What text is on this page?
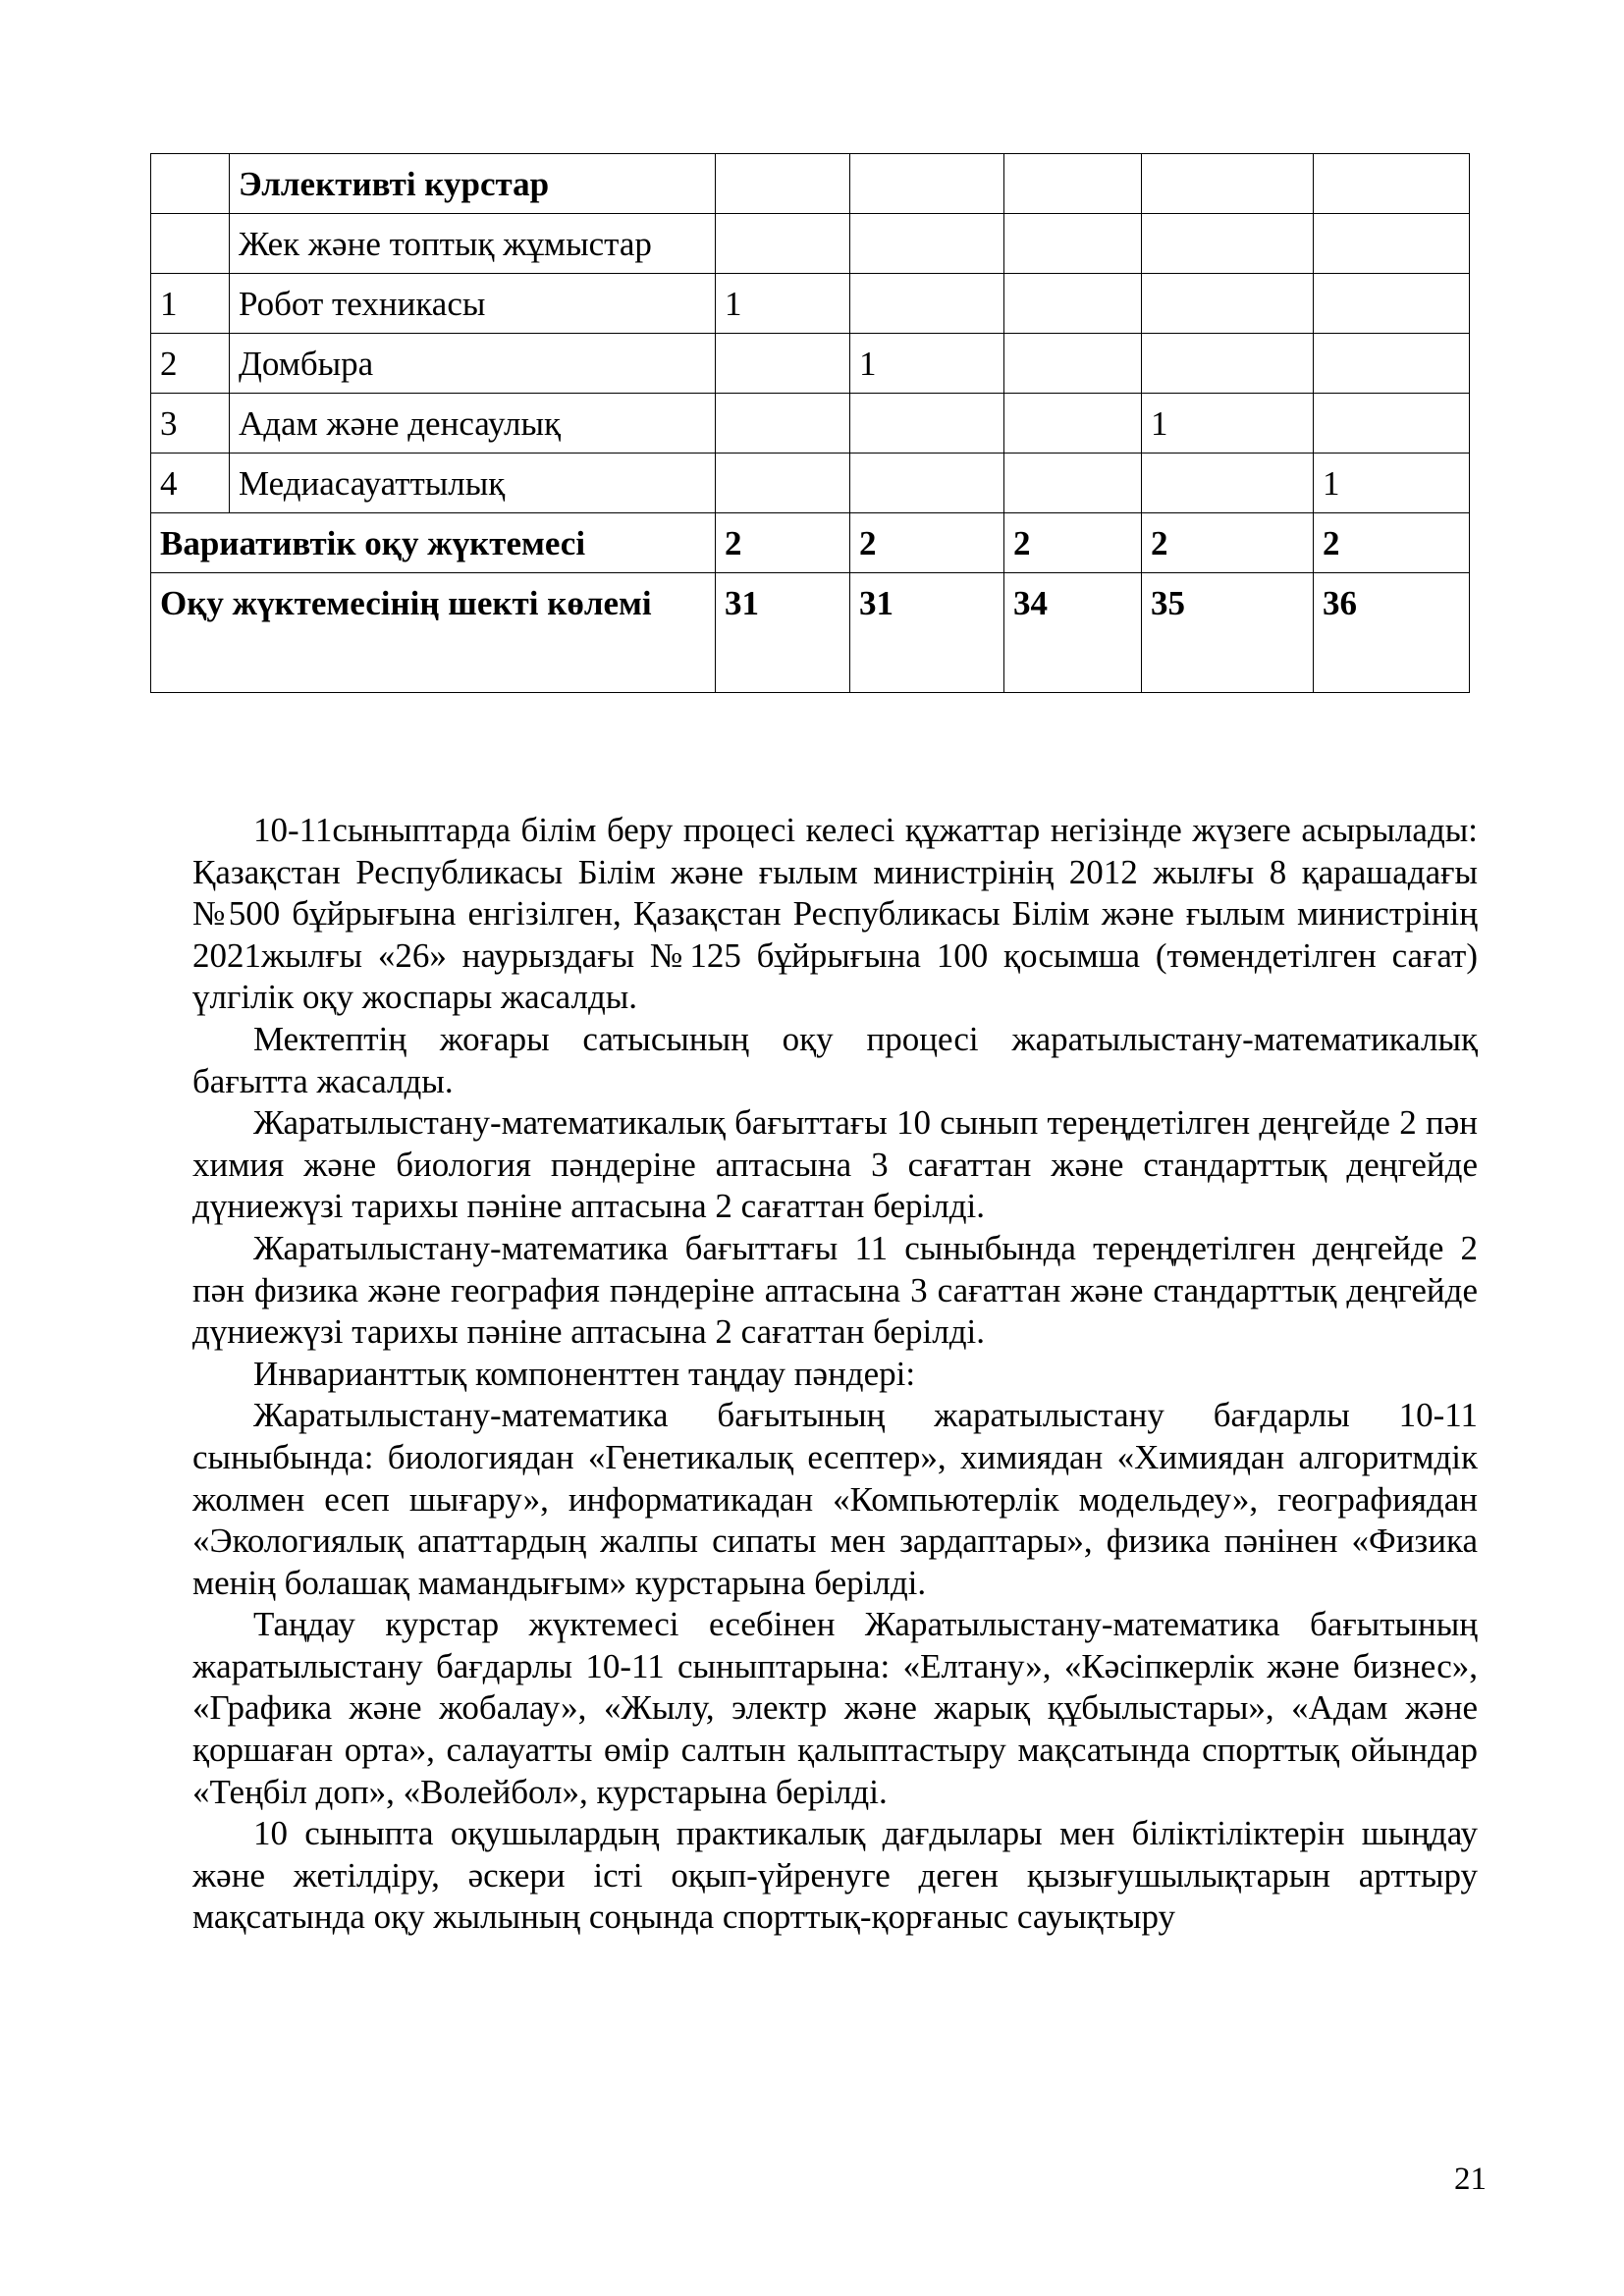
	Эллективті курстар					
	Жек және топтық жұмыстар					
1	Робот техникасы	1				
2	Домбыра		1			
3	Адам және денсаулық				1	
4	Медиасауаттылық					1
Вариативтік оқу жүктемесі		2	2	2	2	2
Оқу жүктемесінің шекті көлемі		31	31	34	35	36

10-11сыныптарда білім беру процесі келесі құжаттар негізінде жүзеге асырылады: Қазақстан Республикасы Білім және ғылым министрінің 2012 жылғы 8 қарашадағы №500 бұйрығына енгізілген, Қазақстан Республикасы Білім және ғылым министрінің 2021жылғы «26» наурыздағы №125 бұйрығына 100 қосымша (төмендетілген сағат) үлгілік оқу жоспары жасалды.

Мектептің жоғары сатысының оқу процесі жаратылыстану-математикалық бағытта жасалды.

Жаратылыстану-математикалық бағыттағы 10 сынып тереңдетілген деңгейде 2 пән химия және биология пәндеріне аптасына 3 сағаттан және стандарттық деңгейде дүниежүзі тарихы пәніне аптасына 2 сағаттан берілді.

Жаратылыстану-математика бағыттағы 11 сыныбында тереңдетілген деңгейде 2 пән физика және география пәндеріне аптасына 3 сағаттан және стандарттық деңгейде дүниежүзі тарихы пәніне аптасына 2 сағаттан берілді.

Инварианттық компоненттен таңдау пәндері:

Жаратылыстану-математика бағытының жаратылыстану бағдарлы 10-11 сыныбында: биологиядан «Генетикалық есептер», химиядан «Химиядан алгоритмдік жолмен есеп шығару», информатикадан «Компьютерлік модельдеу», географиядан «Экологиялық апаттардың жалпы сипаты мен зардаптары», физика пәнінен «Физика менің болашақ мамандығым» курстарына берілді.

Таңдау курстар жүктемесі есебінен Жаратылыстану-математика бағытының жаратылыстану бағдарлы 10-11 сыныптарына: «Елтану», «Кәсіпкерлік және бизнес», «Графика және жобалау», «Жылу, электр және жарық құбылыстары», «Адам және қоршаған орта», салауатты өмір салтын қалыптастыру мақсатында спорттық ойындар «Теңбіл доп», «Волейбол», курстарына берілді.

10 сыныпта оқушылардың практикалық дағдылары мен біліктіліктерін шыңдау және жетілдіру, әскери істі оқып-үйренуге деген қызығушылықтарын арттыру мақсатында оқу жылының соңында спорттық-қорғаныс сауықтыру

21
